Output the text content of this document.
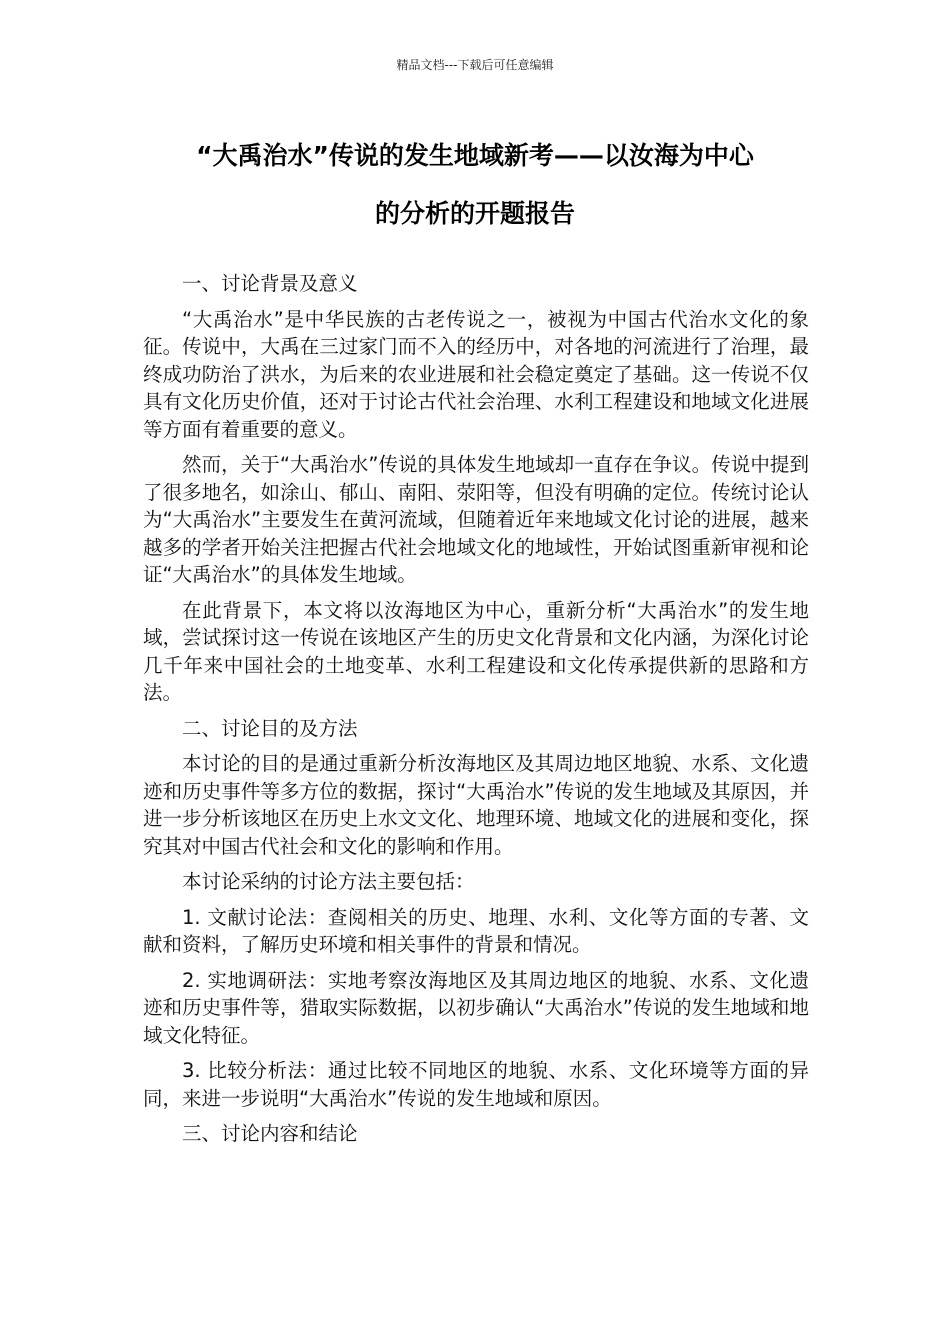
精品文档---下载后可任意编辑
“大禹治水”传说的发生地域新考——以汝海为中心
的分析的开题报告

一、讨论背景及意义

“大禹治水”是中华民族的古老传说之一，被视为中国古代治水文化的象征。传说中，大禹在三过家门而不入的经历中，对各地的河流进行了治理，最终成功防治了洪水，为后来的农业进展和社会稳定奠定了基础。这一传说不仅具有文化历史价值，还对于讨论古代社会治理、水利工程建设和地域文化进展等方面有着重要的意义。

然而，关于“大禹治水”传说的具体发生地域却一直存在争议。传说中提到了很多地名，如涂山、郁山、南阳、荥阳等，但没有明确的定位。传统讨论认为“大禹治水”主要发生在黄河流域，但随着近年来地域文化讨论的进展，越来越多的学者开始关注把握古代社会地域文化的地域性，开始试图重新审视和论证“大禹治水”的具体发生地域。

在此背景下，本文将以汝海地区为中心，重新分析“大禹治水”的发生地域，尝试探讨这一传说在该地区产生的历史文化背景和文化内涵，为深化讨论几千年来中国社会的土地变革、水利工程建设和文化传承提供新的思路和方法。

二、讨论目的及方法

本讨论的目的是通过重新分析汝海地区及其周边地区地貌、水系、文化遗迹和历史事件等多方位的数据，探讨“大禹治水”传说的发生地域及其原因，并进一步分析该地区在历史上水文文化、地理环境、地域文化的进展和变化，探究其对中国古代社会和文化的影响和作用。

本讨论采纳的讨论方法主要包括：

1. 文献讨论法：查阅相关的历史、地理、水利、文化等方面的专著、文献和资料，了解历史环境和相关事件的背景和情况。

2. 实地调研法：实地考察汝海地区及其周边地区的地貌、水系、文化遗迹和历史事件等，猎取实际数据，以初步确认“大禹治水”传说的发生地域和地域文化特征。

3. 比较分析法：通过比较不同地区的地貌、水系、文化环境等方面的异同，来进一步说明“大禹治水”传说的发生地域和原因。

三、讨论内容和结论
